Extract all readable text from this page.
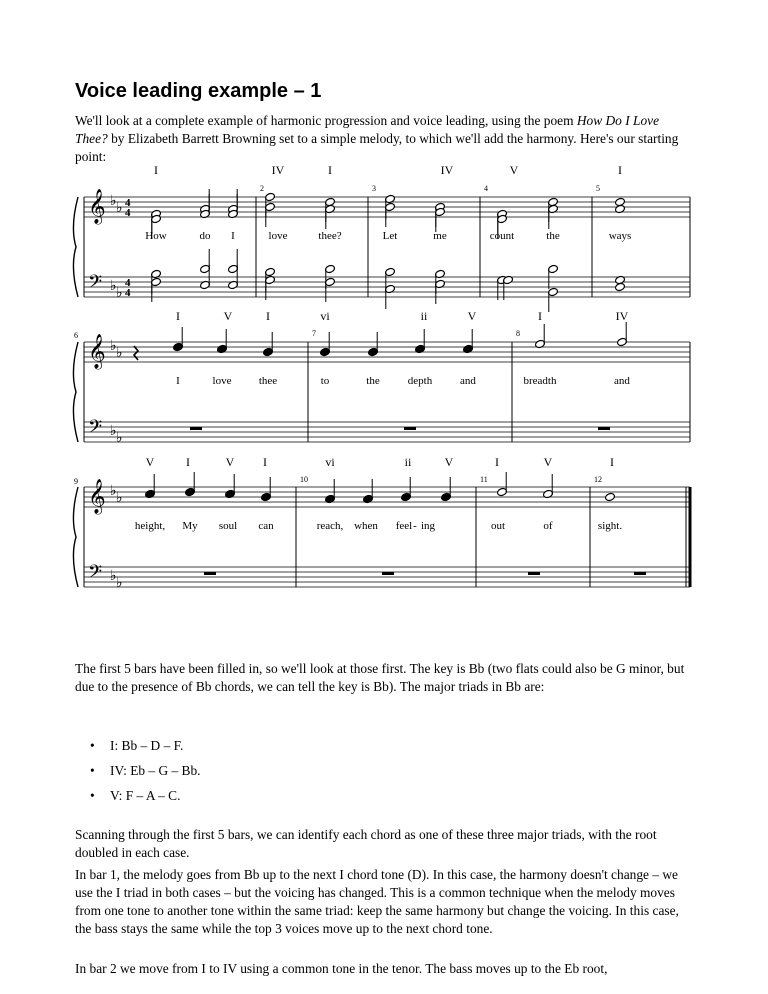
Voice leading example – 1

We'll look at a complete example of harmonic progression and voice leading, using the poem How Do I Love Thee? by Elizabeth Barrett Browning set to a simple melody, to which we'll add the harmony. Here's our starting point:

𝄞
𝄢
♭ ♭
♭ ♭
4
4
4
4
𝄞
𝄢
♭ ♭
♭ ♭
𝄞
𝄢
♭ ♭
♭ ♭
I	IV	I	IV	V	I
2	3	4	5
How	do I	love	thee?	Let	me	count	the	ways
6
I	V	I	vi	ii	V	I	IV
7	8
I	love thee	to	the	depth	and	breadth	and
9
V	I	V I	vi	ii	V	I	V	I
10	11	12
height, My soul can	reach, when feel - ing	out	of	sight.

The first 5 bars have been filled in, so we'll look at those first. The key is Bb (two flats could also be G minor, but due to the presence of Bb chords, we can tell the key is Bb). The major triads in Bb are:

• I: Bb – D – F.
• IV: Eb – G – Bb.
• V: F – A – C.

Scanning through the first 5 bars, we can identify each chord as one of these three major triads, with the root doubled in each case.

In bar 1, the melody goes from Bb up to the next I chord tone (D). In this case, the harmony doesn't change – we use the I triad in both cases – but the voicing has changed. This is a common technique when the melody moves from one tone to another tone within the same triad: keep the same harmony but change the voicing. In this case, the bass stays the same while the top 3 voices move up to the next chord tone.

In bar 2 we move from I to IV using a common tone in the tenor. The bass moves up to the Eb root,
